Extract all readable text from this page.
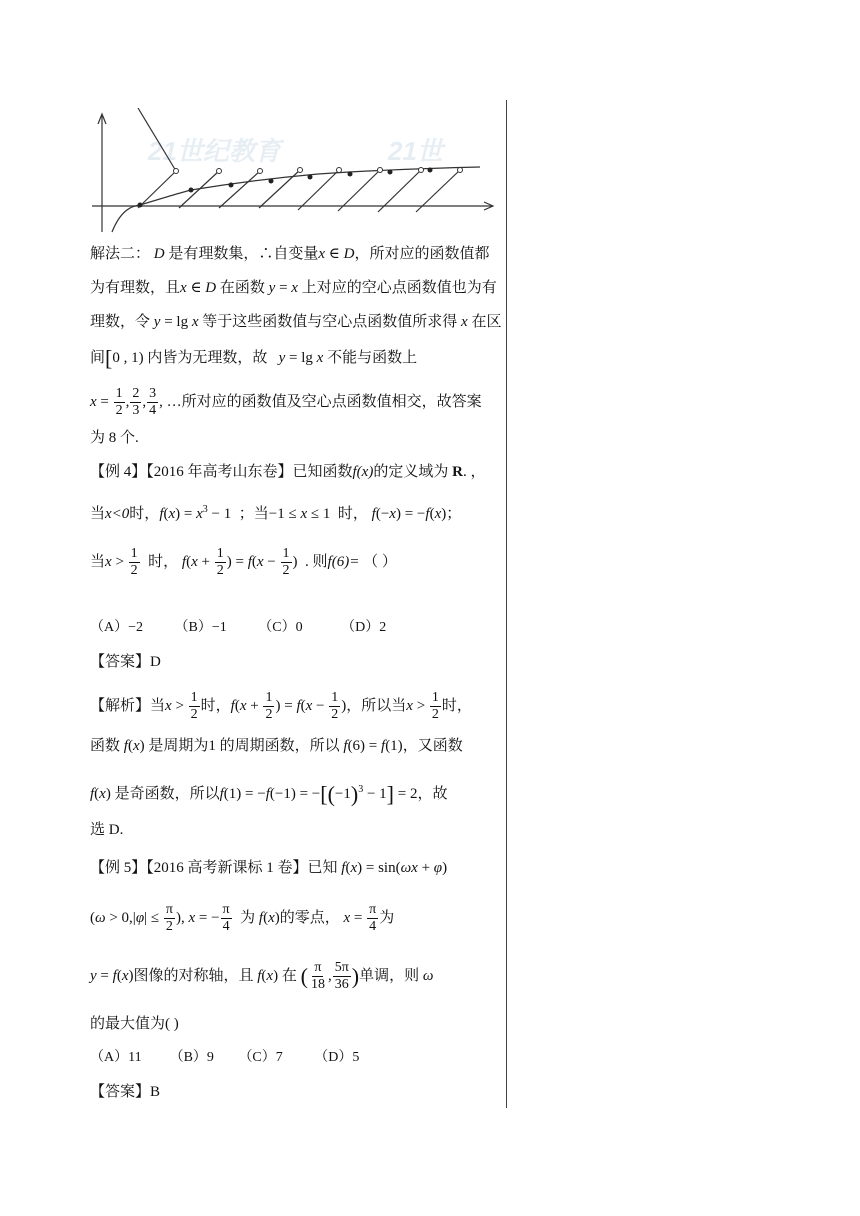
21世纪教育	21世
解法二： D 是有理数集，∴自变量x ∈ D，所对应的函数值都
为有理数，且x ∈ D 在函数 y = x 上对应的空心点函数值也为有
理数，令 y = lg x 等于这些函数值与空心点函数值所求得 x 在区
间[0 , 1) 内皆为无理数，故 y = lg x 不能与函数上
$x = \frac{1}{2}$ , $\frac{2}{3}$ , $\frac{3}{4}$ , …所对应的函数值及空心点函数值相交，故答案
为 8 个.
【例 4】【2016 年高考山东卷】已知函数f(x)的定义域为 R. ，
当x<0时，$f(x) = x^3 - 1$  ；当−1 ≤ x ≤ 1  时， f(−x) = −f(x)；
当$x > \frac{1}{2}$ 时， $f(x + \frac{1}{2}$ ) = $f(x - \frac{1}{2}$ )  . 则f(6)= （ ）
（A）−2 （B）−1 （C）0	（D）2
【答案】D
【解析】当$x > \frac{1}{2}$ 时，$f(x + \frac{1}{2}$ ) = $f(x - \frac{1}{2}$ )，所以当$x > \frac{1}{2}$ 时，
函数 f(x) 是周期为1 的周期函数，所以 f(6) = f(1)，又函数
f(x) 是奇函数，所以$f(1) = -f(-1) = -[(-1)^3 - 1] = 2$，故
选 D.
【例 5】【2016 高考新课标 1 卷】已知 f(x) = sin(ωx + φ)
($\omega > 0,|\varphi| \le \frac{\pi}{2}$ ), x = − $\frac{\pi}{4}$ 为 f(x)的零点， $x = \frac{\pi}{4}$ 为
y = f(x)图像的对称轴，且 f(x) 在 ( $\frac{\pi}{18}$ , $\frac{5\pi}{36}$ )单调，则 ω
的最大值为( )
（A）11 （B）9 （C）7 （D）5
【答案】B
